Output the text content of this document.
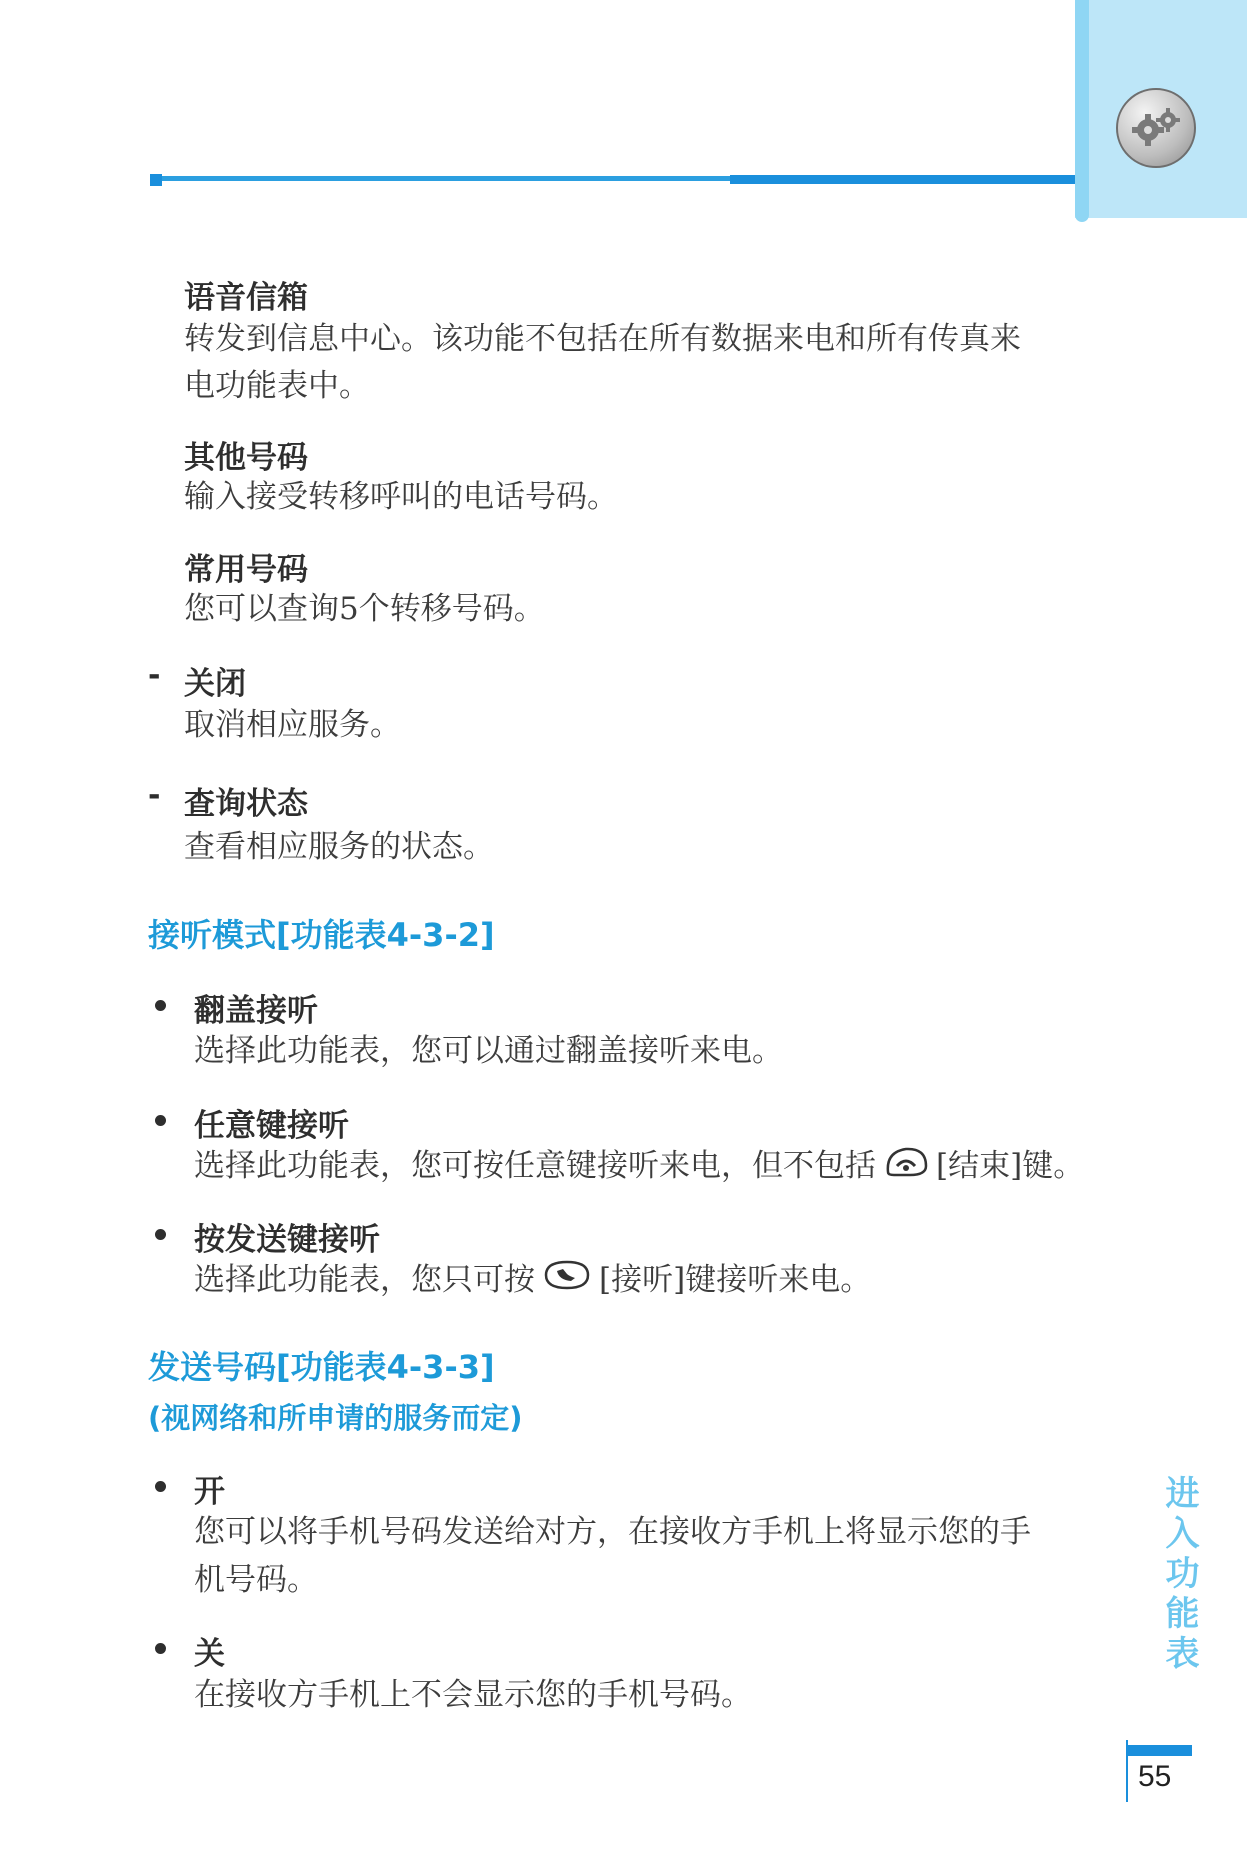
语音信箱
转发到信息中心。该功能不包括在所有数据来电和所有传真来
电功能表中。
其他号码
输入接受转移呼叫的电话号码。
常用号码
您可以查询5个转移号码。
- 关闭
取消相应服务。
- 查询状态
查看相应服务的状态。
接听模式[功能表4-3-2]
翻盖接听
选择此功能表，您可以通过翻盖接听来电。
任意键接听
选择此功能表，您可按任意键接听来电，但不包括 [结束]键。
按发送键接听
选择此功能表，您只可按 [接听]键接听来电。
发送号码[功能表4-3-3]
(视网络和所申请的服务而定)
开
您可以将手机号码发送给对方，在接收方手机上将显示您的手
机号码。
关
在接收方手机上不会显示您的手机号码。
进入功能表
55
